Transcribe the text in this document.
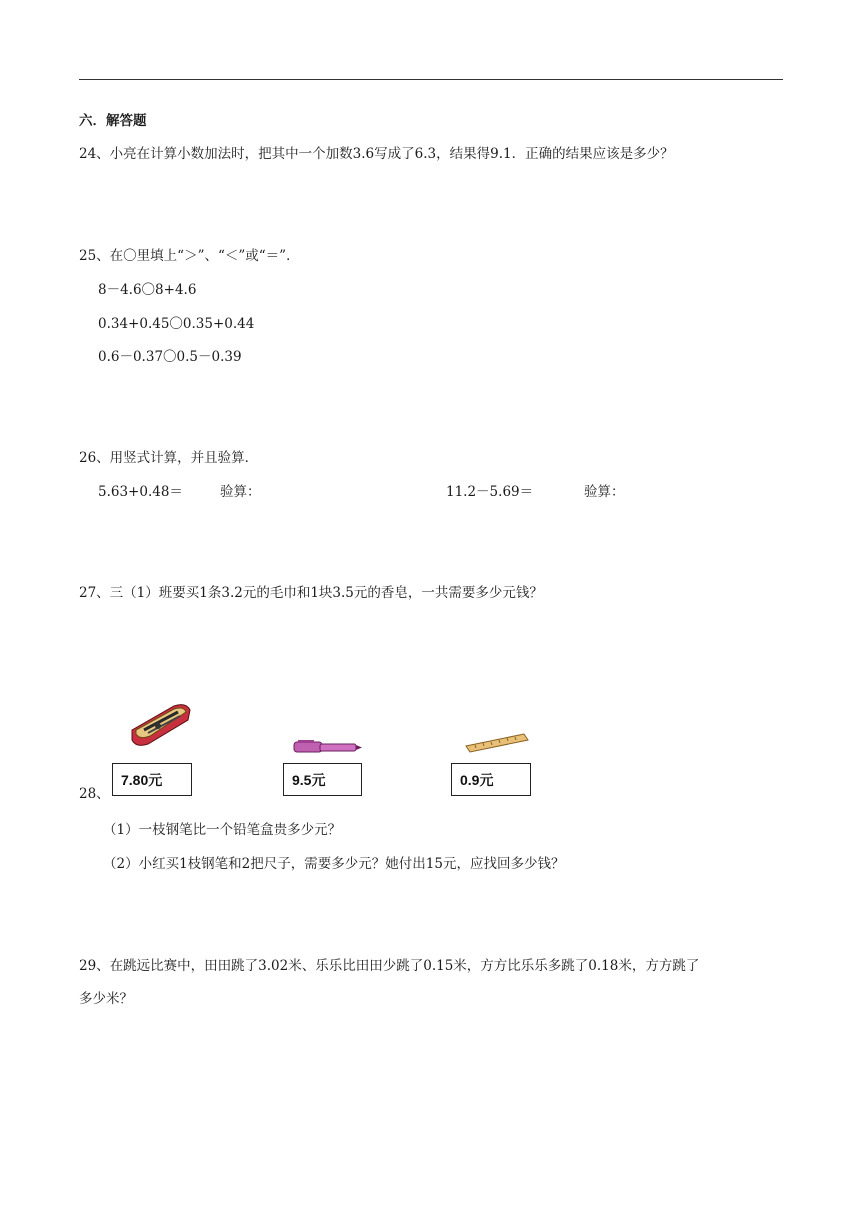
六．解答题
24、小亮在计算小数加法时，把其中一个加数3.6写成了6.3，结果得9.1．正确的结果应该是多少？
25、在〇里填上“＞”、“＜”或“＝”．
8－4.6〇8+4.6
0.34+0.45〇0.35+0.44
0.6－0.37〇0.5－0.39
26、用竖式计算，并且验算．
5.63+0.48＝	验算：	11.2－5.69＝	验算：
27、三（1）班要买1条3.2元的毛巾和1块3.5元的香皂，一共需要多少元钱？
28、
7.80元	9.5元	0.9元
（1）一枝钢笔比一个铅笔盒贵多少元？
（2）小红买1枝钢笔和2把尺子，需要多少元？她付出15元，应找回多少钱？
29、在跳远比赛中，田田跳了3.02米、乐乐比田田少跳了0.15米，方方比乐乐多跳了0.18米，方方跳了
多少米？
